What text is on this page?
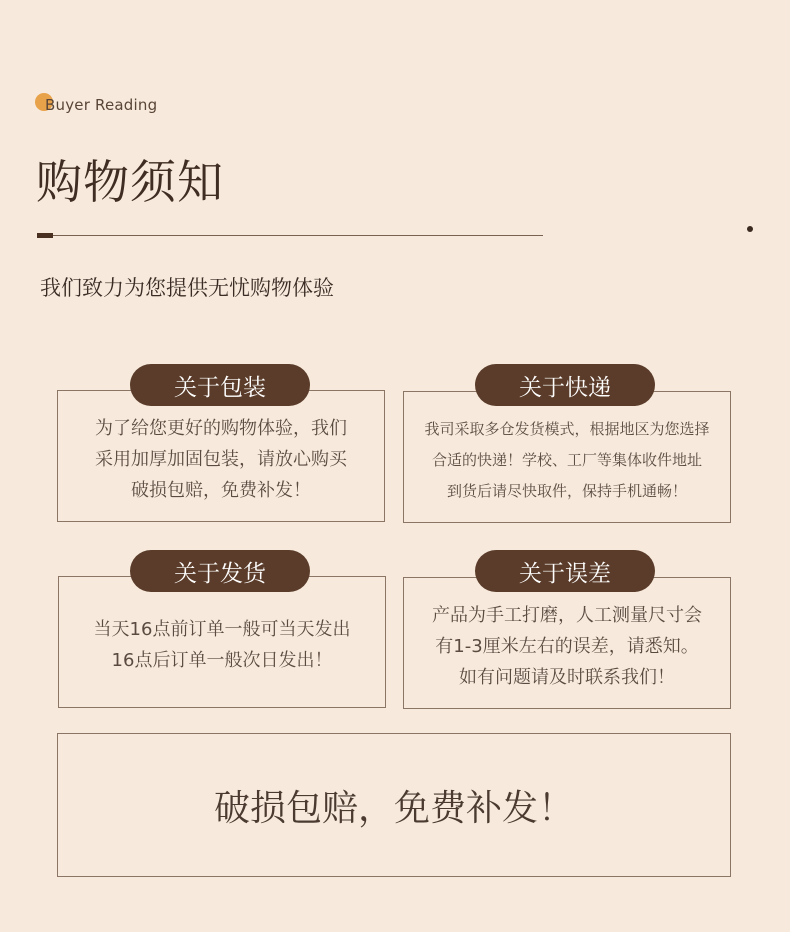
Buyer Reading
购物须知
我们致力为您提供无忧购物体验
为了给您更好的购物体验，我们
采用加厚加固包装，请放心购买
破损包赔，免费补发！
关于包装
我司采取多仓发货模式，根据地区为您选择
合适的快递！学校、工厂等集体收件地址
到货后请尽快取件，保持手机通畅！
关于快递
当天16点前订单一般可当天发出
16点后订单一般次日发出！
关于发货
产品为手工打磨，人工测量尺寸会
有1-3厘米左右的误差，请悉知。
如有问题请及时联系我们！
关于误差
破损包赔，免费补发！
